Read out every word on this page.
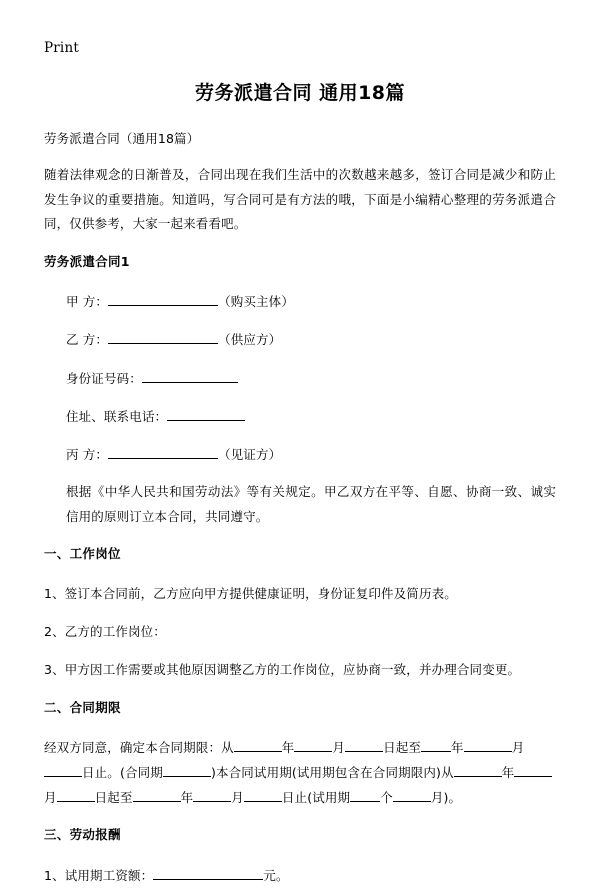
Print
劳务派遣合同 通用18篇

劳务派遣合同（通用18篇）

随着法律观念的日渐普及，合同出现在我们生活中的次数越来越多，签订合同是减少和防止发生争议的重要措施。知道吗，写合同可是有方法的哦，下面是小编精心整理的劳务派遣合同，仅供参考，大家一起来看看吧。

劳务派遣合同1
甲 方：	（购买主体）
乙 方：	（供应方）
身份证号码：
住址、联系电话：
丙 方：	（见证方）

根据《中华人民共和国劳动法》等有关规定。甲乙双方在平等、自愿、协商一致、诚实信用的原则订立本合同，共同遵守。

一、工作岗位

1、签订本合同前，乙方应向甲方提供健康证明，身份证复印件及简历表。

2、乙方的工作岗位：

3、甲方因工作需要或其他原因调整乙方的工作岗位，应协商一致，并办理合同变更。

二、合同期限
经双方同意，确定本合同期限：从	年	月	日起至 年	月日止。(合同期	)本合同试用期(试用期包含在合同期限内)从	年月	日起至	年	月	日止(试用期 个	月)。
三、劳动报酬
1、试用期工资额：	元。
